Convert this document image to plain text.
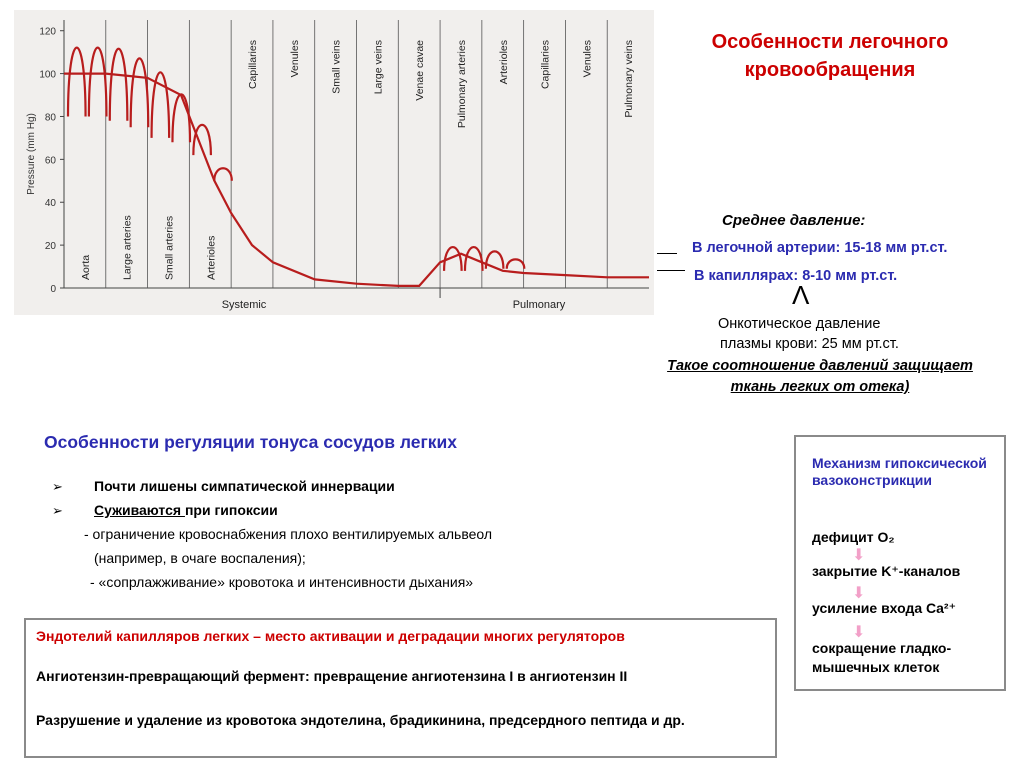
0
20
40
60
80
100
120
Pressure (mm Hg)
Aorta	Large arteries	Small arteries	Arterioles
Capillaries	Venules	Small veins	Large veins	Venae cavae	Pulmonary arteries	Arterioles	Capillaries	Venules	Pulmonary veins
Systemic	Pulmonary
Особенности легочного кровообращения
Среднее давление:
В легочной артерии: 15-18 мм рт.ст.
В капиллярах: 8-10 мм рт.ст.
Λ
Онкотическое давление
плазмы крови: 25 мм рт.ст.
Такое соотношение давлений защищает ткань легких от отека)
Особенности регуляции тонуса сосудов легких
➢ Почти лишены симпатической иннервации
➢ Суживаются при гипоксии
- ограничение кровоснабжения плохо вентилируемых альвеол
(например, в очаге воспаления);
- «сопрлажживание» кровотока и интенсивности дыхания»
Механизм гипоксической вазоконстрикции
дефицит O₂
⬇
закрытие K⁺-каналов
⬇
усиление входа Ca²⁺
⬇
сокращение гладко-мышечных клеток
Эндотелий капилляров легких – место активации и деградации многих регуляторов
Ангиотензин-превращающий фермент: превращение ангиотензина I в ангиотензин II
Разрушение и удаление из кровотока эндотелина, брадикинина, предсердного пептида и др.
